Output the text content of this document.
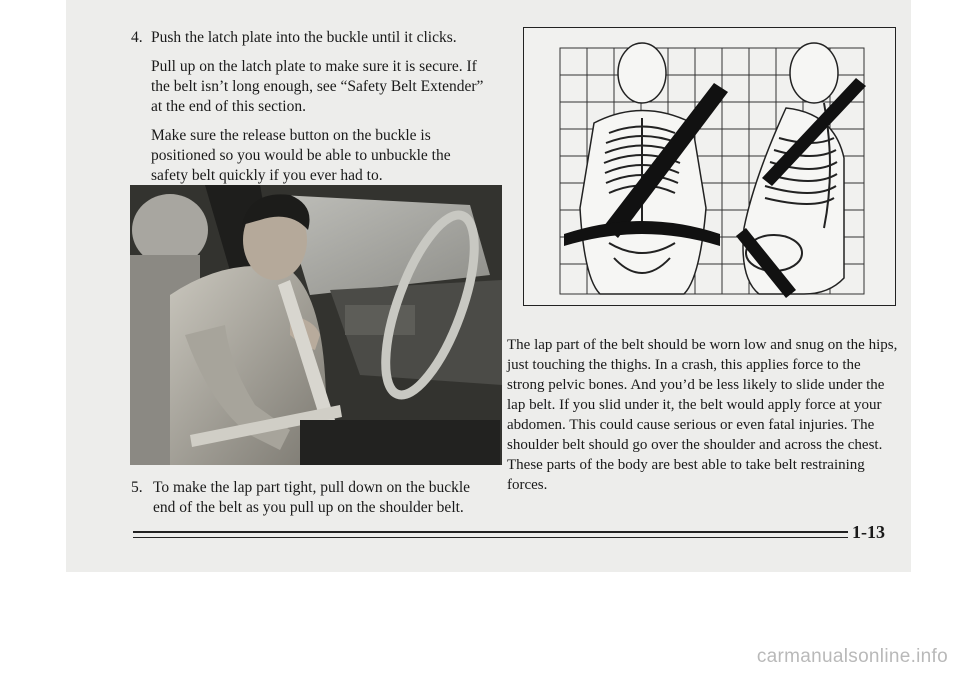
4. Push the latch plate into the buckle until it clicks.

Pull up on the latch plate to make sure it is secure. If the belt isn’t long enough, see “Safety Belt Extender” at the end of this section.

Make sure the release button on the buckle is positioned so you would be able to unbuckle the safety belt quickly if you ever had to.

The lap part of the belt should be worn low and snug on the hips, just touching the thighs. In a crash, this applies force to the strong pelvic bones. And you’d be less likely to slide under the lap belt. If you slid under it, the belt would apply force at your abdomen. This could cause serious or even fatal injuries. The shoulder belt should go over the shoulder and across the chest. These parts of the body are best able to take belt restraining forces.

5. To make the lap part tight, pull down on the buckle end of the belt as you pull up on the shoulder belt.

1-13
carmanualsonline.info
